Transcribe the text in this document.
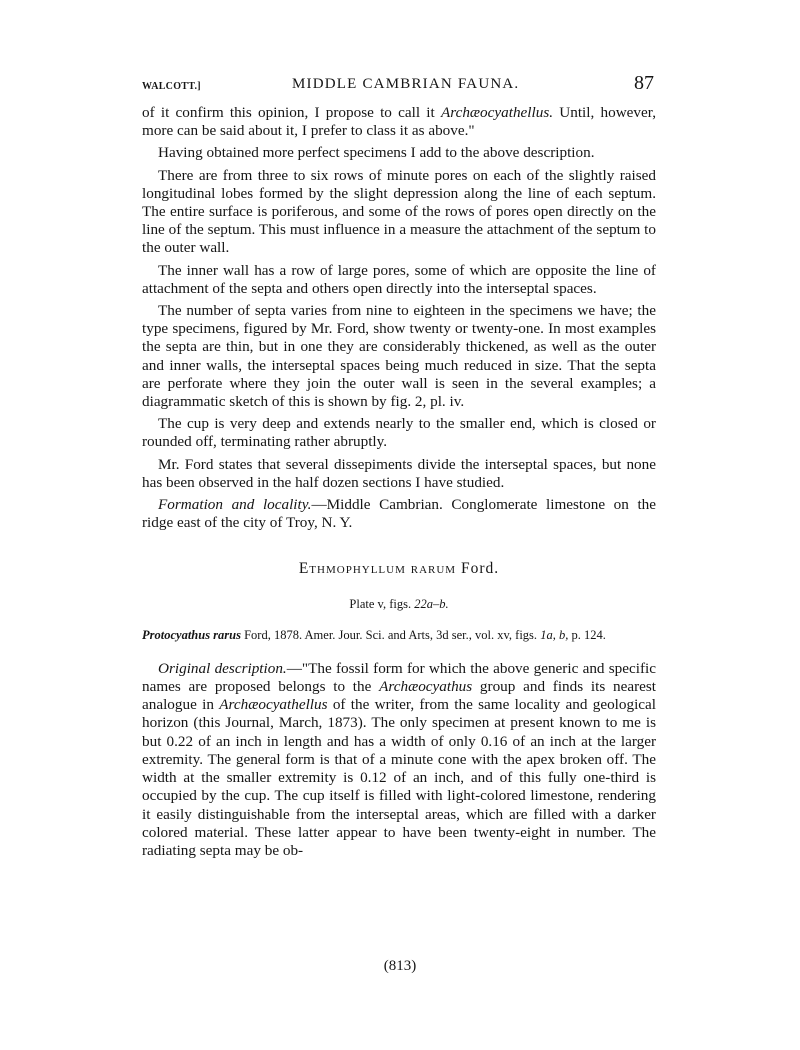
WALCOTT.]	MIDDLE CAMBRIAN FAUNA.	87

of it confirm this opinion, I propose to call it Archæocyathellus. Until, however, more can be said about it, I prefer to class it as above."

Having obtained more perfect specimens I add to the above description.

There are from three to six rows of minute pores on each of the slightly raised longitudinal lobes formed by the slight depression along the line of each septum. The entire surface is poriferous, and some of the rows of pores open directly on the line of the septum. This must influence in a measure the attachment of the septum to the outer wall.

The inner wall has a row of large pores, some of which are opposite the line of attachment of the septa and others open directly into the interseptal spaces.

The number of septa varies from nine to eighteen in the specimens we have; the type specimens, figured by Mr. Ford, show twenty or twenty-one. In most examples the septa are thin, but in one they are considerably thickened, as well as the outer and inner walls, the interseptal spaces being much reduced in size. That the septa are perforate where they join the outer wall is seen in the several examples; a diagrammatic sketch of this is shown by fig. 2, pl. iv.

The cup is very deep and extends nearly to the smaller end, which is closed or rounded off, terminating rather abruptly.

Mr. Ford states that several dissepiments divide the interseptal spaces, but none has been observed in the half dozen sections I have studied.

Formation and locality.—Middle Cambrian. Conglomerate limestone on the ridge east of the city of Troy, N. Y.

Ethmophyllum rarum Ford.
Plate v, figs. 22a–b.
Protocyathus rarus Ford, 1878. Amer. Jour. Sci. and Arts, 3d ser., vol. xv, figs. 1a, b, p. 124.

Original description.—"The fossil form for which the above generic and specific names are proposed belongs to the Archæocyathus group and finds its nearest analogue in Archæocyathellus of the writer, from the same locality and geological horizon (this Journal, March, 1873). The only specimen at present known to me is but 0.22 of an inch in length and has a width of only 0.16 of an inch at the larger extremity. The general form is that of a minute cone with the apex broken off. The width at the smaller extremity is 0.12 of an inch, and of this fully one-third is occupied by the cup. The cup itself is filled with light-colored limestone, rendering it easily distinguishable from the interseptal areas, which are filled with a darker colored material. These latter appear to have been twenty-eight in number. The radiating septa may be ob-

(813)
